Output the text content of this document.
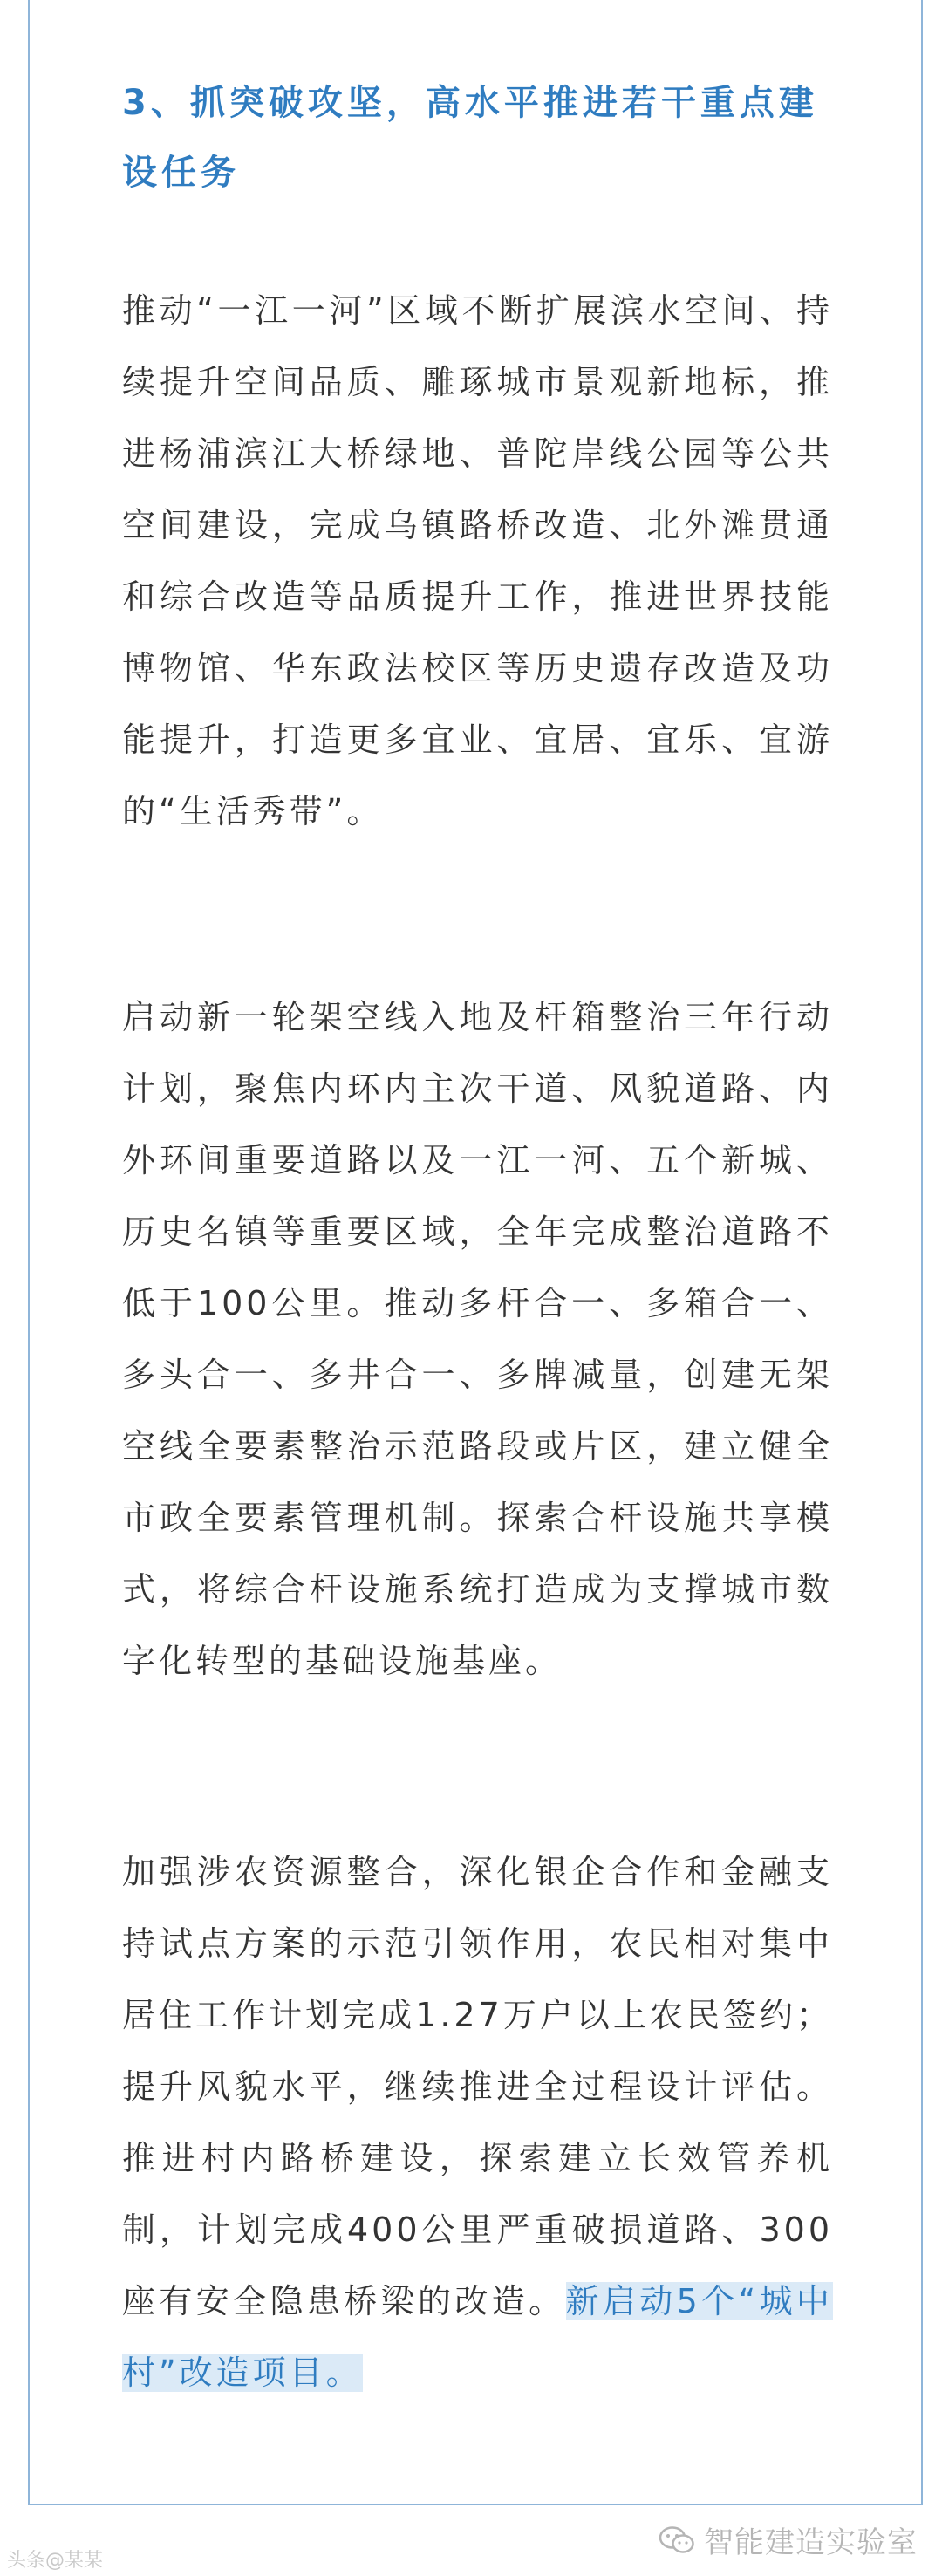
3、抓突破攻坚，高水平推进若干重点建设任务

推动“一江一河”区域不断扩展滨水空间、持续提升空间品质、雕琢城市景观新地标，推进杨浦滨江大桥绿地、普陀岸线公园等公共空间建设，完成乌镇路桥改造、北外滩贯通和综合改造等品质提升工作，推进世界技能博物馆、华东政法校区等历史遗存改造及功能提升，打造更多宜业、宜居、宜乐、宜游的“生活秀带”。

启动新一轮架空线入地及杆箱整治三年行动计划，聚焦内环内主次干道、风貌道路、内外环间重要道路以及一江一河、五个新城、历史名镇等重要区域，全年完成整治道路不低于100公里。推动多杆合一、多箱合一、多头合一、多井合一、多牌减量，创建无架空线全要素整治示范路段或片区，建立健全市政全要素管理机制。探索合杆设施共享模式，将综合杆设施系统打造成为支撑城市数字化转型的基础设施基座。

加强涉农资源整合，深化银企合作和金融支持试点方案的示范引领作用，农民相对集中居住工作计划完成1.27万户以上农民签约；提升风貌水平，继续推进全过程设计评估。推进村内路桥建设，探索建立长效管养机制，计划完成400公里严重破损道路、300座有安全隐患桥梁的改造。新启动5个“城中村”改造项目。

头条@某某
智能建造实验室
